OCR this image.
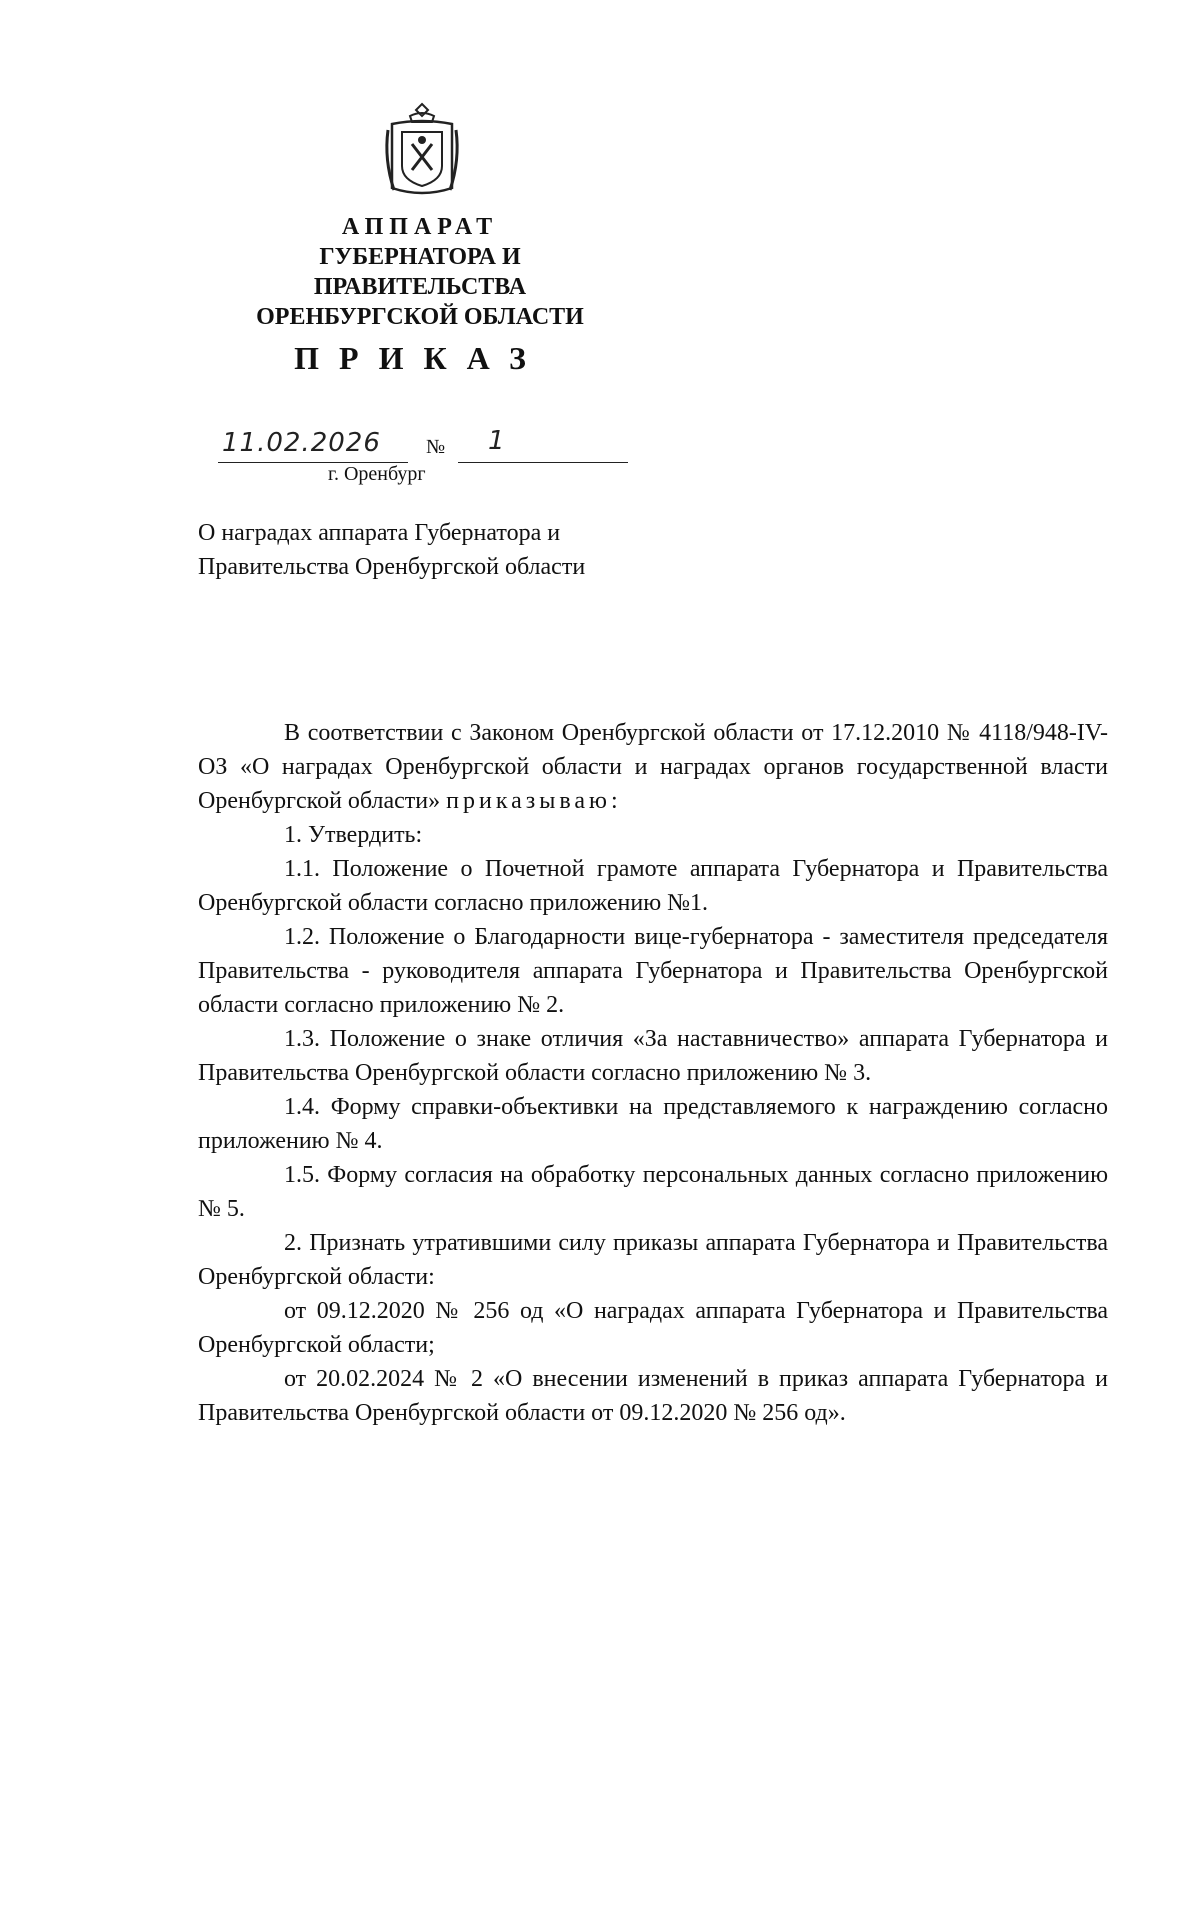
АППАРАТ
ГУБЕРНАТОРА И
ПРАВИТЕЛЬСТВА
ОРЕНБУРГСКОЙ ОБЛАСТИ
ПРИКАЗ
11.02.2026 № 1
г. Оренбург
О наградах аппарата Губернатора и
Правительства Оренбургской области

В соответствии с Законом Оренбургской области от 17.12.2010 № 4118/948-IV-ОЗ «О наградах Оренбургской области и наградах органов государственной власти Оренбургской области» приказываю:

1. Утвердить:

1.1. Положение о Почетной грамоте аппарата Губернатора и Правительства Оренбургской области согласно приложению №1.

1.2. Положение о Благодарности вице-губернатора - заместителя председателя Правительства - руководителя аппарата Губернатора и Правительства Оренбургской области согласно приложению № 2.

1.3. Положение о знаке отличия «За наставничество» аппарата Губернатора и Правительства Оренбургской области согласно приложению № 3.

1.4. Форму справки-объективки на представляемого к награждению согласно приложению № 4.

1.5. Форму согласия на обработку персональных данных согласно приложению № 5.

2. Признать утратившими силу приказы аппарата Губернатора и Правительства Оренбургской области:

от 09.12.2020 № 256 од «О наградах аппарата Губернатора и Правительства Оренбургской области;

от 20.02.2024 № 2 «О внесении изменений в приказ аппарата Губернатора и Правительства Оренбургской области от 09.12.2020 № 256 од».
